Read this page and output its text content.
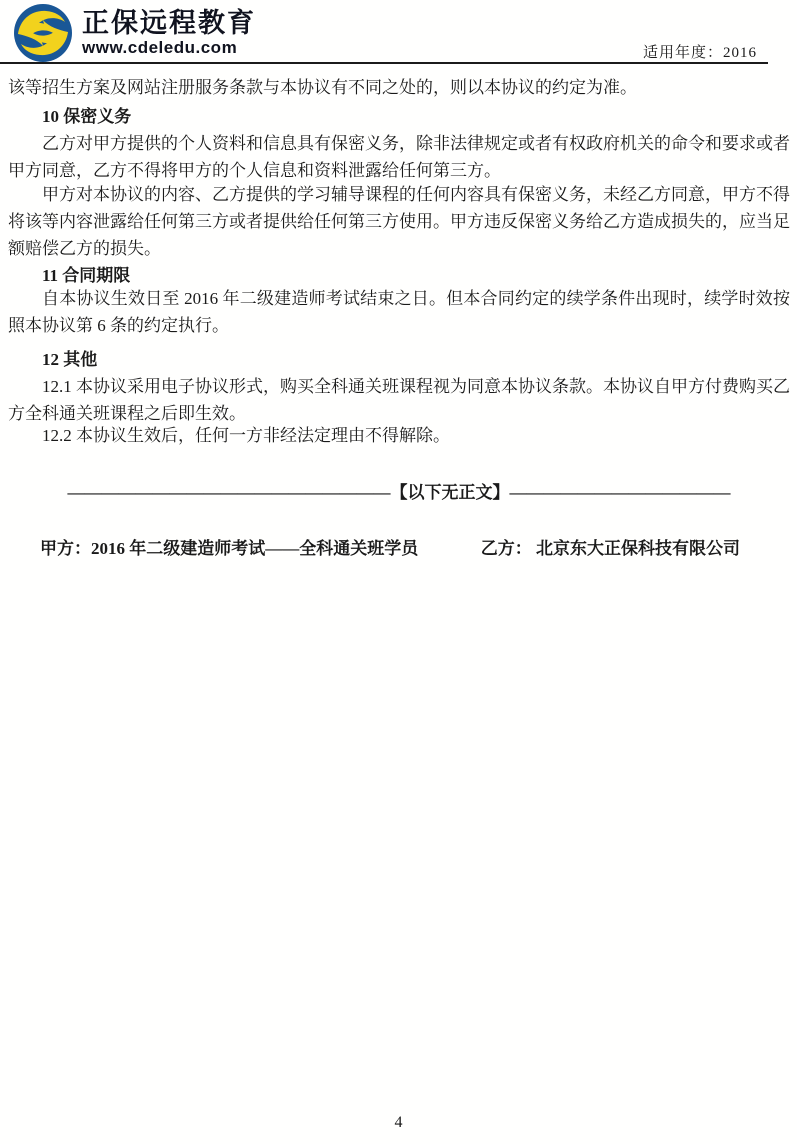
正保远程教育
www.cdeledu.com	适用年度：2016

该等招生方案及网站注册服务条款与本协议有不同之处的，则以本协议的约定为准。

10 保密义务

乙方对甲方提供的个人资料和信息具有保密义务，除非法律规定或者有权政府机关的命令和要求或者甲方同意，乙方不得将甲方的个人信息和资料泄露给任何第三方。

甲方对本协议的内容、乙方提供的学习辅导课程的任何内容具有保密义务，未经乙方同意，甲方不得将该等内容泄露给任何第三方或者提供给任何第三方使用。甲方违反保密义务给乙方造成损失的，应当足额赔偿乙方的损失。

11 合同期限

自本协议生效日至 2016 年二级建造师考试结束之日。但本合同约定的续学条件出现时，续学时效按照本协议第 6 条的约定执行。

12 其他

12.1 本协议采用电子协议形式，购买全科通关班课程视为同意本协议条款。本协议自甲方付费购买乙方全科通关班课程之后即生效。

12.2 本协议生效后，任何一方非经法定理由不得解除。

———————————————————【以下无正文】—————————————
甲方：2016 年二级建造师考试——全科通关班学员	乙方： 北京东大正保科技有限公司
4
